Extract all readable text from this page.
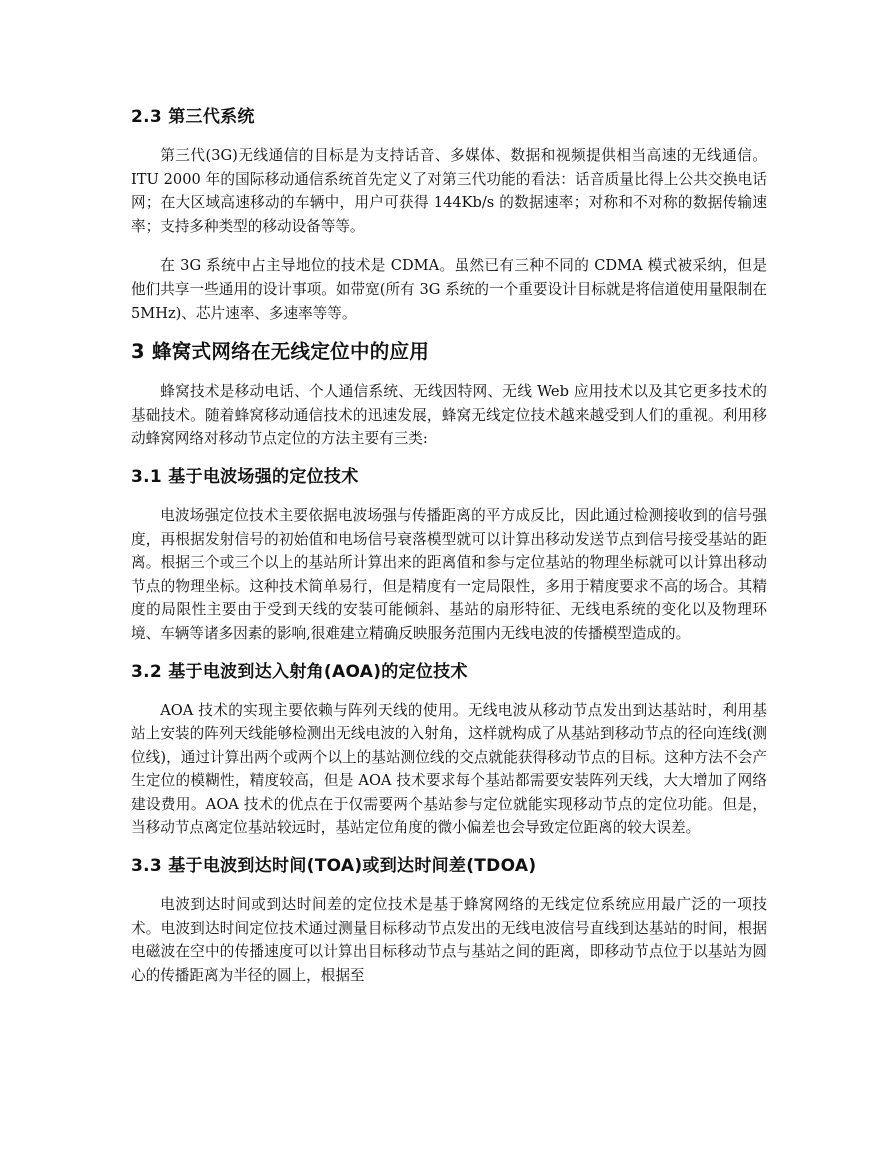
2.3 第三代系统

第三代(3G)无线通信的目标是为支持话音、多媒体、数据和视频提供相当高速的无线通信。ITU 2000 年的国际移动通信系统首先定义了对第三代功能的看法：话音质量比得上公共交换电话网；在大区域高速移动的车辆中，用户可获得 144Kb/s 的数据速率；对称和不对称的数据传输速率；支持多种类型的移动设备等等。

在 3G 系统中占主导地位的技术是 CDMA。虽然已有三种不同的 CDMA 模式被采纳，但是他们共享一些通用的设计事项。如带宽(所有 3G 系统的一个重要设计目标就是将信道使用量限制在 5MHz)、芯片速率、多速率等等。

3 蜂窝式网络在无线定位中的应用

蜂窝技术是移动电话、个人通信系统、无线因特网、无线 Web 应用技术以及其它更多技术的基础技术。随着蜂窝移动通信技术的迅速发展，蜂窝无线定位技术越来越受到人们的重视。利用移动蜂窝网络对移动节点定位的方法主要有三类:

3.1 基于电波场强的定位技术

电波场强定位技术主要依据电波场强与传播距离的平方成反比，因此通过检测接收到的信号强度，再根据发射信号的初始值和电场信号衰落模型就可以计算出移动发送节点到信号接受基站的距离。根据三个或三个以上的基站所计算出来的距离值和参与定位基站的物理坐标就可以计算出移动节点的物理坐标。这种技术简单易行，但是精度有一定局限性，多用于精度要求不高的场合。其精度的局限性主要由于受到天线的安装可能倾斜、基站的扇形特征、无线电系统的变化以及物理环境、车辆等诸多因素的影响,很难建立精确反映服务范围内无线电波的传播模型造成的。

3.2 基于电波到达入射角(AOA)的定位技术

AOA 技术的实现主要依赖与阵列天线的使用。无线电波从移动节点发出到达基站时，利用基站上安装的阵列天线能够检测出无线电波的入射角，这样就构成了从基站到移动节点的径向连线(测位线)，通过计算出两个或两个以上的基站测位线的交点就能获得移动节点的目标。这种方法不会产生定位的模糊性，精度较高，但是 AOA 技术要求每个基站都需要安装阵列天线，大大增加了网络建设费用。AOA 技术的优点在于仅需要两个基站参与定位就能实现移动节点的定位功能。但是，当移动节点离定位基站较远时，基站定位角度的微小偏差也会导致定位距离的较大误差。

3.3 基于电波到达时间(TOA)或到达时间差(TDOA)

电波到达时间或到达时间差的定位技术是基于蜂窝网络的无线定位系统应用最广泛的一项技术。电波到达时间定位技术通过测量目标移动节点发出的无线电波信号直线到达基站的时间，根据电磁波在空中的传播速度可以计算出目标移动节点与基站之间的距离，即移动节点位于以基站为圆心的传播距离为半径的圆上，根据至
